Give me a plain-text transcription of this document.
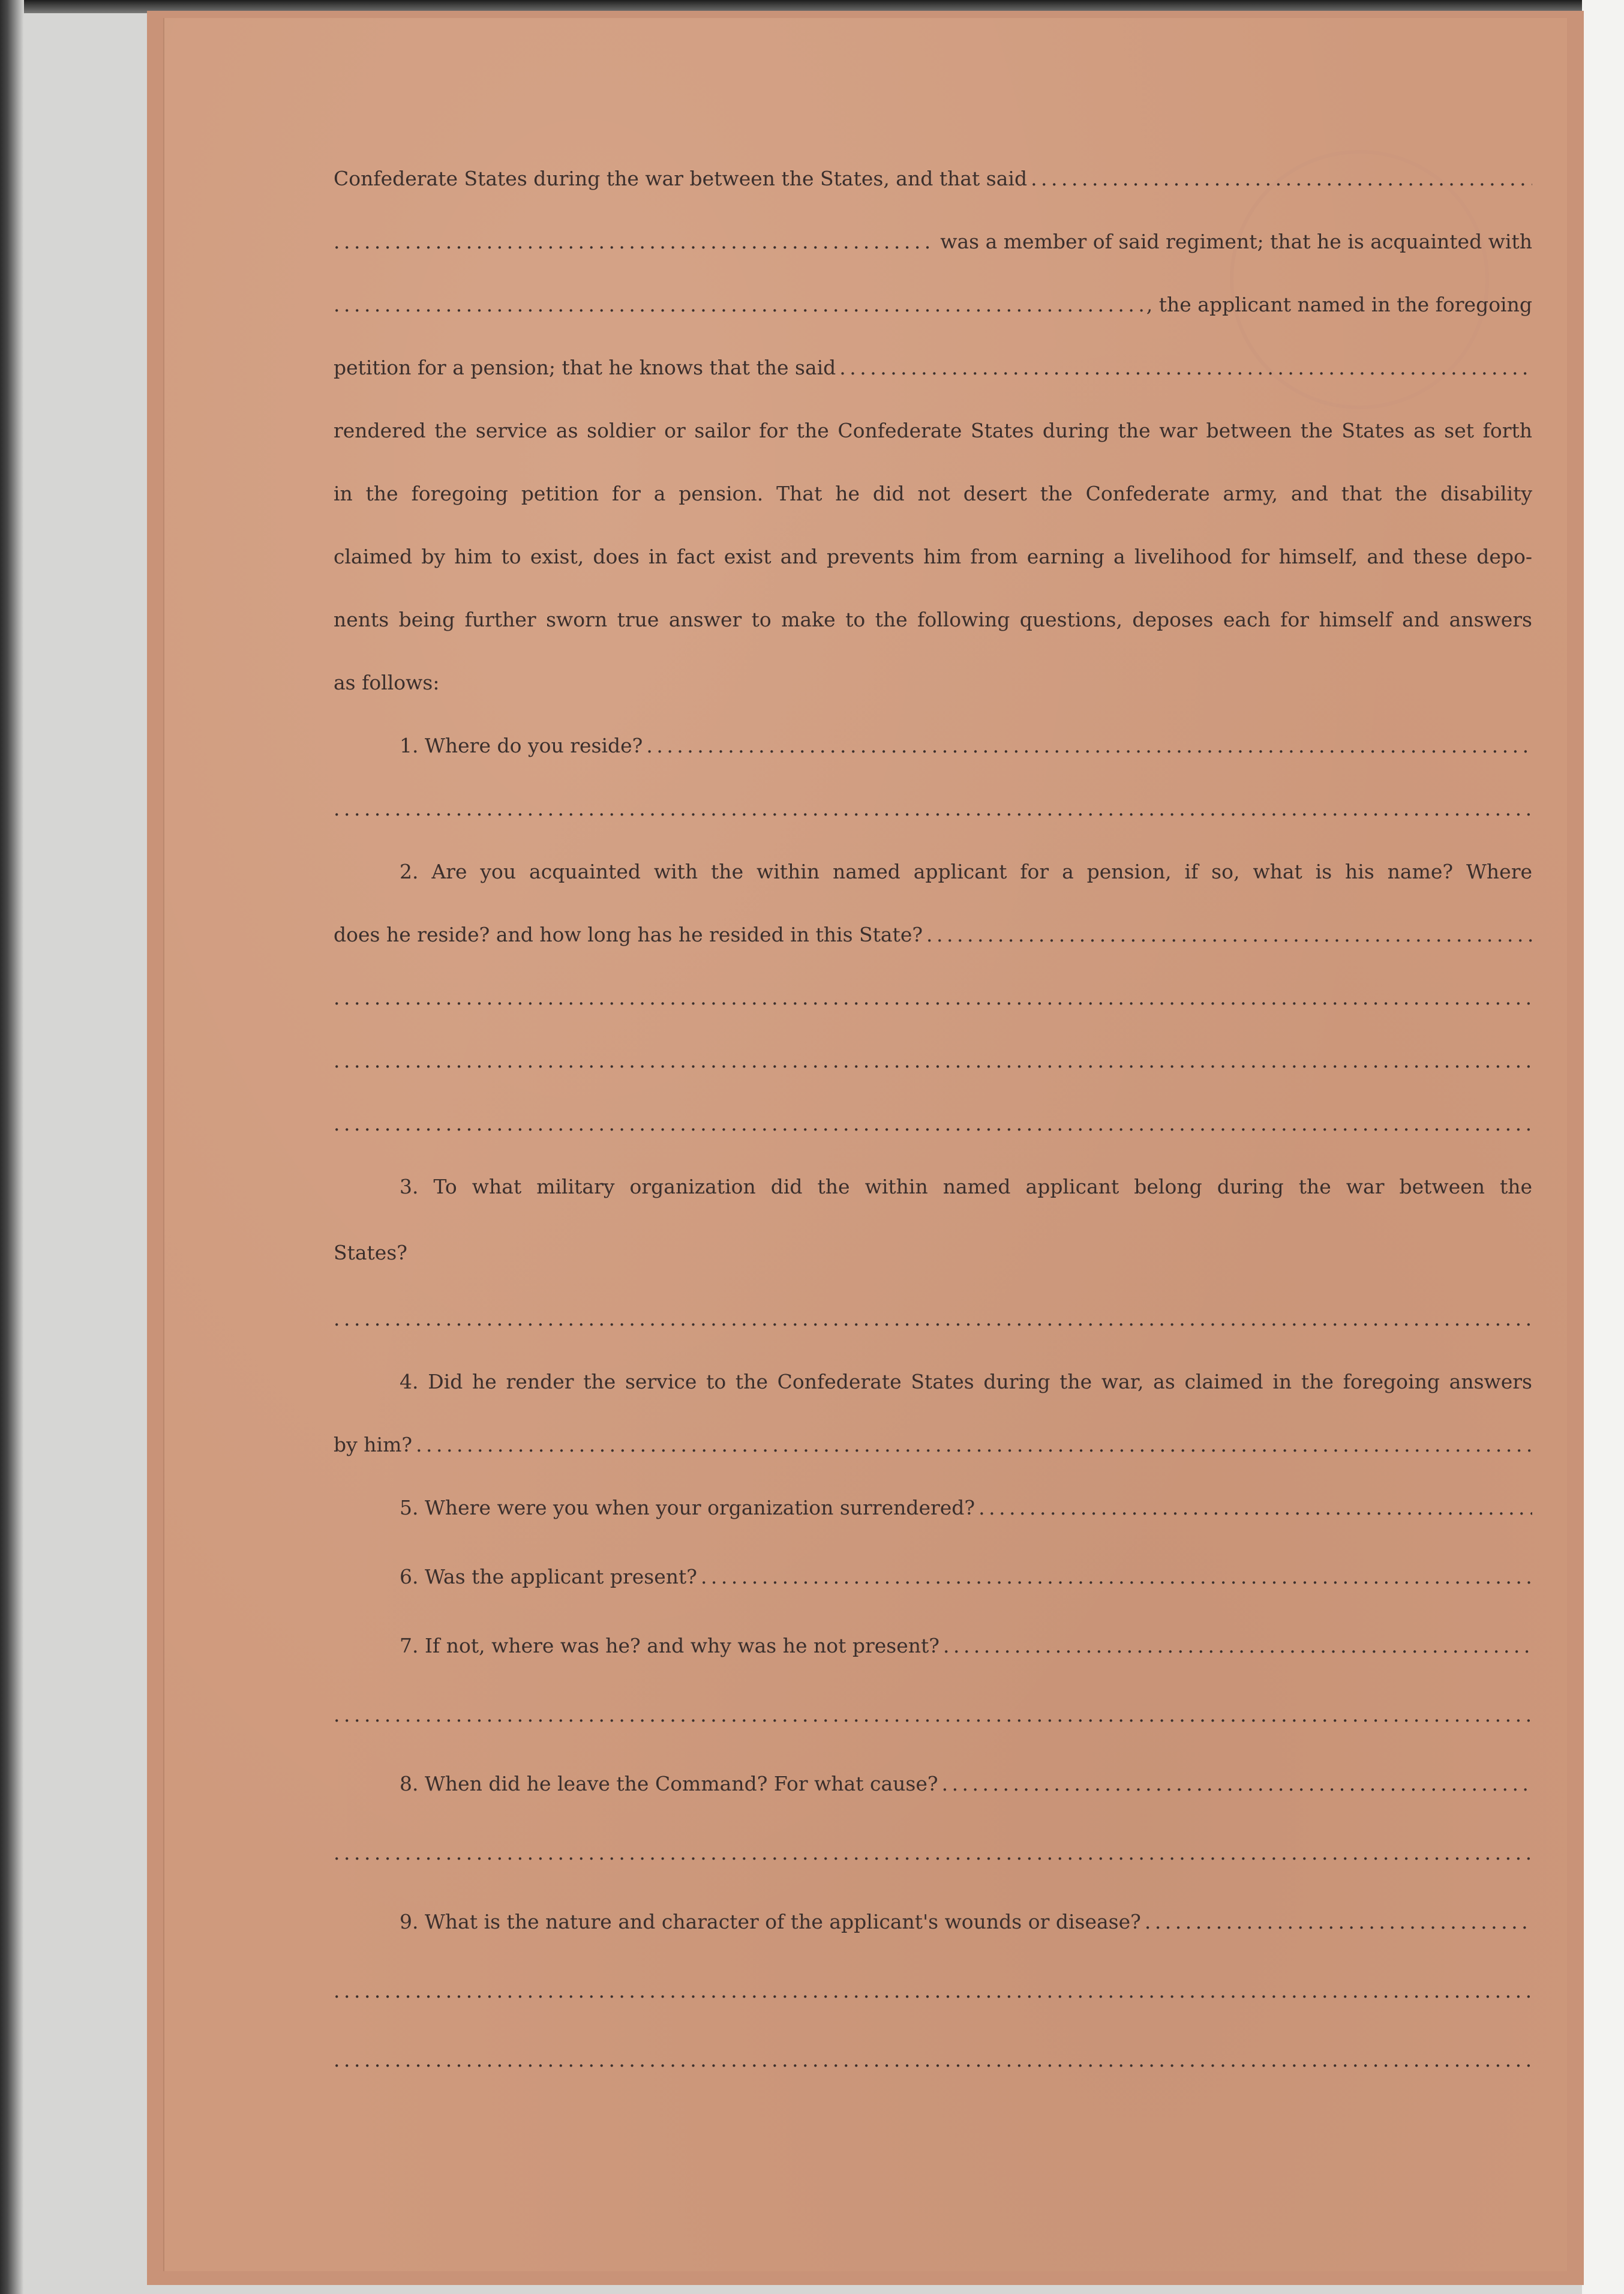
Confederate States during the war between the States, and that said
. . .
. . .
was a member of said regiment; that he is acquainted with
. . .
, the applicant named in the foregoing
petition for a pension; that he knows that the said
. . .
rendered the service as soldier or sailor for the Confederate States during the war between the States as set forth
in the foregoing petition for a pension. That he did not desert the Confederate army, and that the disability
claimed by him to exist, does in fact exist and prevents him from earning a livelihood for himself, and these depo-
nents being further sworn true answer to make to the following questions, deposes each for himself and answers
as follows:
1. Where do you reside?
. . .
. . .
2. Are you acquainted with the within named applicant for a pension, if so, what is his name? Where
does he reside? and how long has he resided in this State?
. . .
. . .
. . .
. . .
3. To what military organization did the within named applicant belong during the war between the
States?
. . .
4. Did he render the service to the Confederate States during the war, as claimed in the foregoing answers
by him?
. . .
5. Where were you when your organization surrendered?
. . .
6. Was the applicant present?
. . .
7. If not, where was he? and why was he not present?
. . .
. . .
8. When did he leave the Command? For what cause?
. . .
. . .
9. What is the nature and character of the applicant's wounds or disease?
. . .
. . .
. . .
